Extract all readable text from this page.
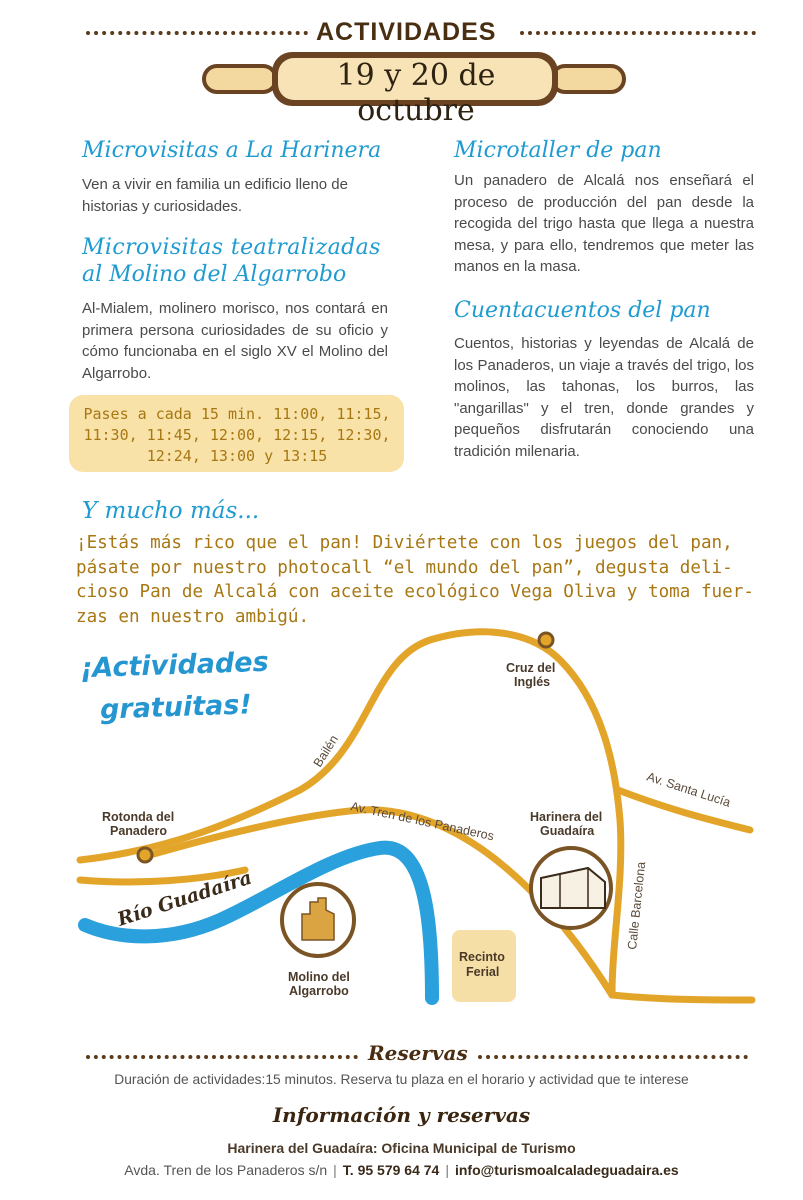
ACTIVIDADES
19 y 20 de octubre
Microvisitas a La Harinera
Ven a vivir en familia un edificio lleno de historias y curiosidades.
Microvisitas teatralizadas
al Molino del Algarrobo
Al-Mialem, molinero morisco, nos contará en primera persona curiosidades de su oficio y cómo funcionaba en el siglo XV el Molino del Algarrobo.
Pases a cada 15 min. 11:00, 11:15,
11:30, 11:45, 12:00, 12:15, 12:30,
12:24, 13:00 y 13:15
Microtaller de pan
Un panadero de Alcalá nos enseñará el proceso de producción del pan desde la recogida del trigo hasta que llega a nuestra mesa, y para ello, tendremos que meter las manos en la masa.
Cuentacuentos del pan
Cuentos, historias y leyendas de Alcalá de los Panaderos, un viaje a través del trigo, los molinos, las tahonas, los burros, las "angarillas" y el tren, donde grandes y pequeños disfrutarán conociendo una tradición milenaria.
Y mucho más...
¡Estás más rico que el pan! Diviértete con los juegos del pan,
pásate por nuestro photocall “el mundo del pan”, degusta deli-
cioso Pan de Alcalá con aceite ecológico Vega Oliva y toma fuer-
zas en nuestro ambigú.
¡Actividades
gratuitas!
Cruz del
Inglés
Rotonda del
Panadero
Harinera del
Guadaíra
Molino del
Algarrobo
Recinto
Ferial
Bailén
Av. Tren de los Panaderos
Av. Santa Lucía
Calle Barcelona
Río Guadaíra
Reservas
Duración de actividades:15 minutos. Reserva tu plaza en el horario y actividad que te interese
Información y reservas
Harinera del Guadaíra: Oficina Municipal de Turismo
Avda. Tren de los Panaderos s/n | T. 95 579 64 74 | info@turismoalcaladeguadaira.es
